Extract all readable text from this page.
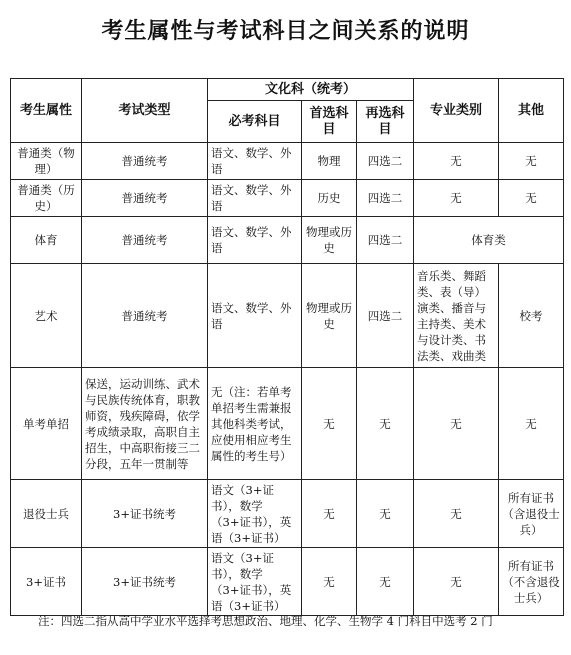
考生属性与考试科目之间关系的说明
考生属性	考试类型	文化科（统考）			专业类别	其他
		必考科目	首选科目	再选科目		
普通类（物理）	普通统考	语文、数学、外语	物理	四选二	无	无
普通类（历史）	普通统考	语文、数学、外语	历史	四选二	无	无
体育	普通统考	语文、数学、外语	物理或历史	四选二	体育类	
艺术	普通统考	语文、数学、外语	物理或历史	四选二	音乐类、舞蹈类、表（导）演类、播音与主持类、美术与设计类、书法类、戏曲类	校考
单考单招	保送，运动训练、武术与民族传统体育，职教师资，残疾障碍，依学考成绩录取，高职自主招生，中高职衔接三二分段，五年一贯制等	无（注：若单考单招考生需兼报其他科类考试，应使用相应考生属性的考生号）	无	无	无	无
退役士兵	3+证书统考	语文（3+证书），数学（3+证书），英语（3+证书）	无	无	无	所有证书（含退役士兵）
3+证书	3+证书统考	语文（3+证书），数学（3+证书），英语（3+证书）	无	无	无	所有证书（不含退役士兵）
注：四选二指从高中学业水平选择考思想政治、地理、化学、生物学 4 门科目中选考 2 门
